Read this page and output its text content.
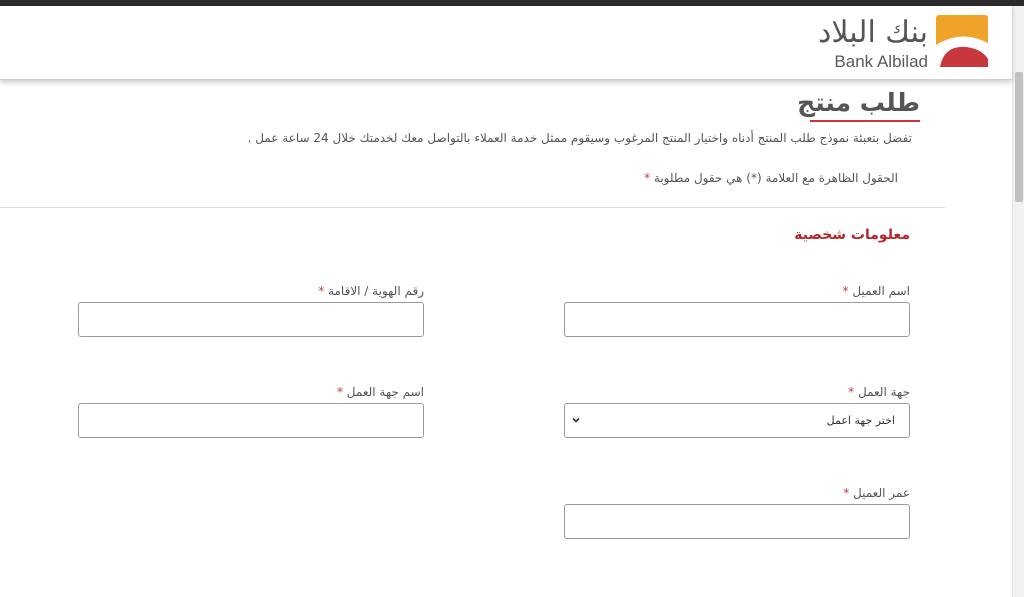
بنك البلاد
Bank Albilad
طلب منتج

تفضل بتعبئة نموذج طلب المنتج أدناه واختيار المنتج المرغوب وسيقوم ممثل خدمة العملاء بالتواصل معك لخدمتك خلال 24 ساعة عمل .

الحقول الظاهرة مع العلامة (*) هي حقول مطلوبة *

معلومات شخصية
اسم العميل *
رقم الهوية / الاقامة *
جهة العمل *
اختر جهة اعمل
اسم جهة العمل *
عمر العميل *
